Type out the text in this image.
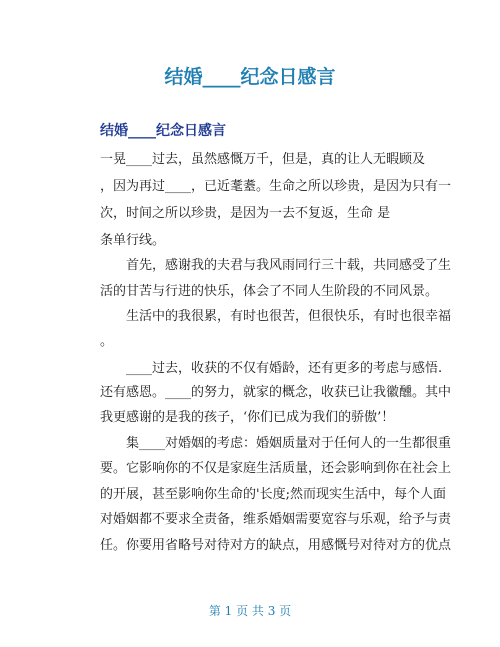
结婚____纪念日感言
结婚____纪念日感言
一晃____过去，虽然感慨万千，但是，真的让人无暇顾及
，因为再过____，已近耄耋。生命之所以珍贵，是因为只有一
次，时间之所以珍贵，是因为一去不复返，生命 是
条单行线。
　　首先，感谢我的夫君与我风雨同行三十载，共同感受了生
活的甘苦与行进的快乐，体会了不同人生阶段的不同风景。
　　生活中的我很累，有时也很苦，但很快乐，有时也很幸福
。
　　____过去，收获的不仅有婚龄，还有更多的考虑与感悟.
还有感恩。____的努力，就家的概念，收获已让我徽醺。其中
我更感谢的是我的孩子，‘你们已成为我们的骄傲’！
　　集____对婚姻的考虑：婚姻质量对于任何人的一生都很重
要。它影响你的不仅是家庭生活质量，还会影响到你在社会上
的开展，甚至影响你生命的'长度;然而现实生活中，每个人面
对婚姻都不要求全责备，维系婚姻需要宽容与乐观，给予与责
任。你要用省略号对待对方的缺点，用感慨号对待对方的优点
第 1 页 共 3 页
